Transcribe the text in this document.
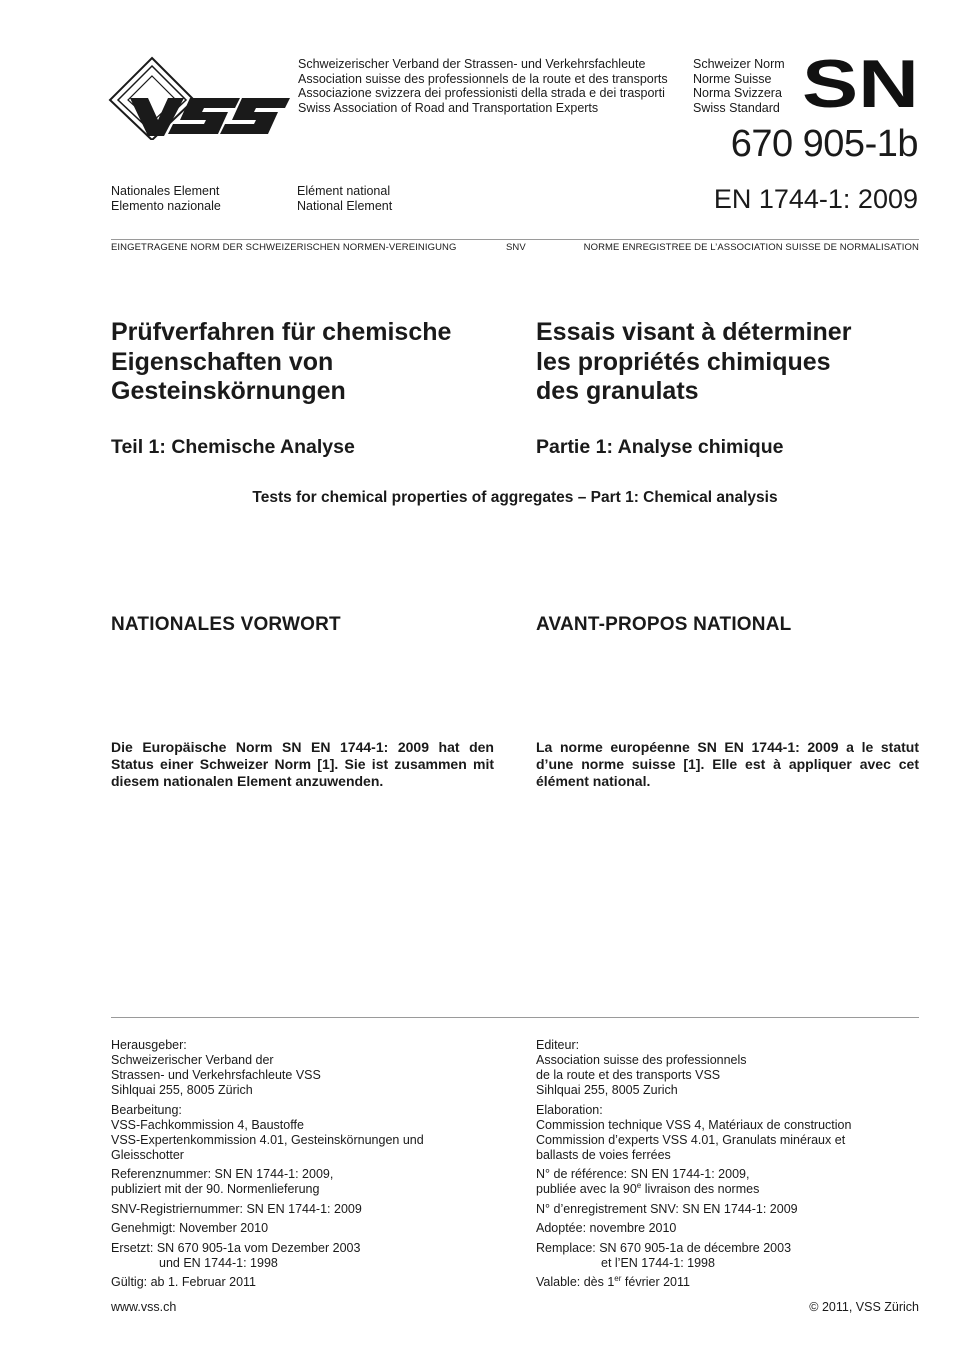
Schweizerischer Verband der Strassen- und Verkehrsfachleute
Association suisse des professionnels de la route et des transports
Associazione svizzera dei professionisti della strada e dei trasporti
Swiss Association of Road and Transportation Experts
Schweizer Norm
Norme Suisse
Norma Svizzera
Swiss Standard SN
670 905-1b
EN 1744-1: 2009
Nationales Element
Elemento nazionale
Elément national
National Element
EINGETRAGENE NORM DER SCHWEIZERISCHEN NORMEN-VEREINIGUNG	SNV	NORME ENREGISTREE DE L’ASSOCIATION SUISSE DE NORMALISATION
Prüfverfahren für chemische
Eigenschaften von
Gesteinskörnungen
Essais visant à déterminer
les propriétés chimiques
des granulats
Teil 1: Chemische Analyse	Partie 1: Analyse chimique
Tests for chemical properties of aggregates – Part 1: Chemical analysis
NATIONALES VORWORT	AVANT-PROPOS NATIONAL
Die Europäische Norm SN EN 1744-1: 2009 hat den Status einer Schweizer Norm [1]. Sie ist zusammen mit diesem nationalen Element anzuwenden.
La norme européenne SN EN 1744-1: 2009 a le statut d’une norme suisse [1]. Elle est à appliquer avec cet élément national.
Herausgeber:
Schweizerischer Verband der
Strassen- und Verkehrsfachleute VSS
Sihlquai 255, 8005 Zürich
Bearbeitung:
VSS-Fachkommission 4, Baustoffe
VSS-Expertenkommission 4.01, Gesteinskörnungen und
Gleisschotter
Referenznummer: SN EN 1744-1: 2009,
publiziert mit der 90. Normenlieferung
SNV-Registriernummer: SN EN 1744-1: 2009
Genehmigt: November 2010
Ersetzt: SN 670 905-1a vom Dezember 2003
und EN 1744-1: 1998
Gültig: ab 1. Februar 2011
Editeur:
Association suisse des professionnels
de la route et des transports VSS
Sihlquai 255, 8005 Zurich
Elaboration:
Commission technique VSS 4, Matériaux de construction
Commission d’experts VSS 4.01, Granulats minéraux et
ballasts de voies ferrées
N° de référence: SN EN 1744-1: 2009,
publiée avec la 90e livraison des normes
N° d’enregistrement SNV: SN EN 1744-1: 2009
Adoptée: novembre 2010
Remplace: SN 670 905-1a de décembre 2003
et l’EN 1744-1: 1998
Valable: dès 1er février 2011
www.vss.ch	© 2011, VSS Zürich
